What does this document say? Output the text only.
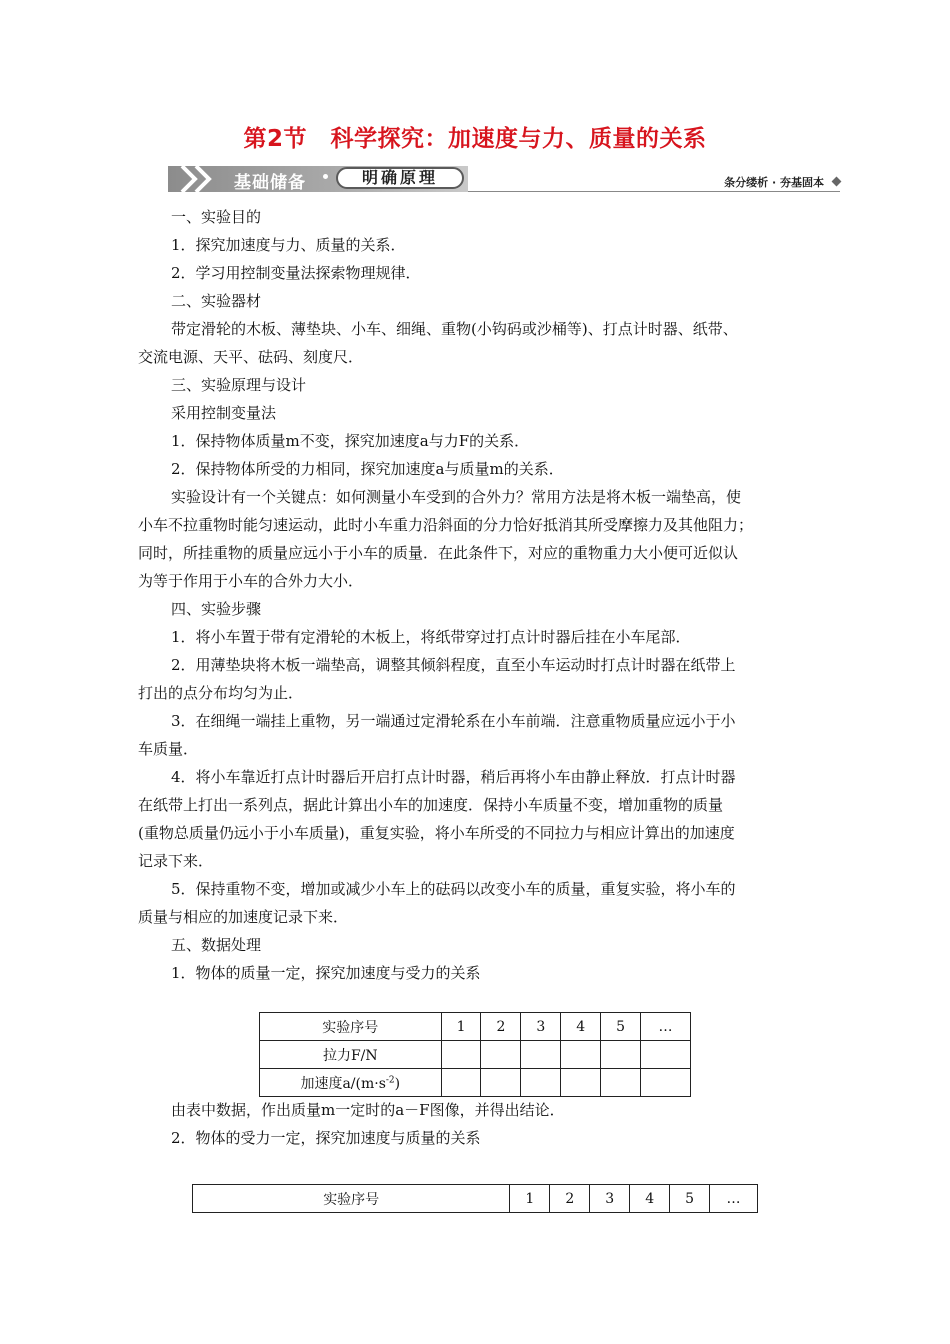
第2节　科学探究：加速度与力、质量的关系
基础储备	明确原理	条分缕析 · 夯基固本
一、实验目的
1．探究加速度与力、质量的关系．
2．学习用控制变量法探索物理规律．
二、实验器材
带定滑轮的木板、薄垫块、小车、细绳、重物(小钩码或沙桶等)、打点计时器、纸带、
交流电源、天平、砝码、刻度尺．
三、实验原理与设计
采用控制变量法
1．保持物体质量m不变，探究加速度a与力F的关系．
2．保持物体所受的力相同，探究加速度a与质量m的关系．
实验设计有一个关键点：如何测量小车受到的合外力？常用方法是将木板一端垫高，使
小车不拉重物时能匀速运动，此时小车重力沿斜面的分力恰好抵消其所受摩擦力及其他阻力；
同时，所挂重物的质量应远小于小车的质量．在此条件下，对应的重物重力大小便可近似认
为等于作用于小车的合外力大小．
四、实验步骤
1．将小车置于带有定滑轮的木板上，将纸带穿过打点计时器后挂在小车尾部．
2．用薄垫块将木板一端垫高，调整其倾斜程度，直至小车运动时打点计时器在纸带上
打出的点分布均匀为止．
3．在细绳一端挂上重物，另一端通过定滑轮系在小车前端．注意重物质量应远小于小
车质量．
4．将小车靠近打点计时器后开启打点计时器，稍后再将小车由静止释放．打点计时器
在纸带上打出一系列点，据此计算出小车的加速度．保持小车质量不变，增加重物的质量
(重物总质量仍远小于小车质量)，重复实验，将小车所受的不同拉力与相应计算出的加速度
记录下来．
5．保持重物不变，增加或减少小车上的砝码以改变小车的质量，重复实验，将小车的
质量与相应的加速度记录下来．
五、数据处理
1．物体的质量一定，探究加速度与受力的关系
实验序号	1	2	3	4	5	…
拉力F/N						
加速度$a/(m\cdot s^{-2})$						
由表中数据，作出质量m一定时的a－F图像，并得出结论．
2．物体的受力一定，探究加速度与质量的关系
实验序号	1	2	3	4	5	…
